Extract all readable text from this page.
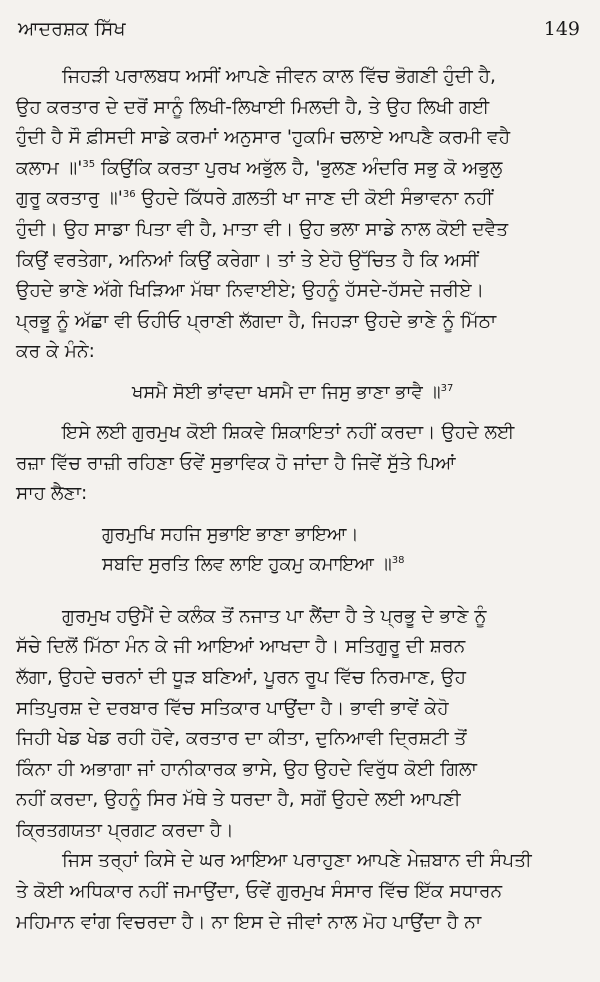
ਆਦਰਸ਼ਕ ਸਿੱਖ	149

ਜਿਹੜੀ ਪਰਾਲਬਧ ਅਸੀਂ ਆਪਣੇ ਜੀਵਨ ਕਾਲ ਵਿੱਚ ਭੋਗਣੀ ਹੁੰਦੀ ਹੈ,
ਉਹ ਕਰਤਾਰ ਦੇ ਦਰੋਂ ਸਾਨੂੰ ਲਿਖੀ-ਲਿਖਾਈ ਮਿਲਦੀ ਹੈ, ਤੇ ਉਹ ਲਿਖੀ ਗਈ
ਹੁੰਦੀ ਹੈ ਸੌ ਫ਼ੀਸਦੀ ਸਾਡੇ ਕਰਮਾਂ ਅਨੁਸਾਰ 'ਹੁਕਮਿ ਚਲਾਏ ਆਪਣੈ ਕਰਮੀ ਵਹੈ
ਕਲਾਮ $॥'^{35}$ ਕਿਉਂਕਿ ਕਰਤਾ ਪੁਰਖ ਅਭੁੱਲ ਹੈ, 'ਭੁਲਣ ਅੰਦਰਿ ਸਭੁ ਕੋ ਅਭੁਲੁ
ਗੁਰੂ ਕਰਤਾਰੁ $॥'^{36}$ ਉਹਦੇ ਕਿੱਧਰੇ ਗ਼ਲਤੀ ਖਾ ਜਾਣ ਦੀ ਕੋਈ ਸੰਭਾਵਨਾ ਨਹੀਂ
ਹੁੰਦੀ। ਉਹ ਸਾਡਾ ਪਿਤਾ ਵੀ ਹੈ, ਮਾਤਾ ਵੀ। ਉਹ ਭਲਾ ਸਾਡੇ ਨਾਲ ਕੋਈ ਦਵੈਤ
ਕਿਉਂ ਵਰਤੇਗਾ, ਅਨਿਆਂ ਕਿਉਂ ਕਰੇਗਾ। ਤਾਂ ਤੇ ਏਹੋ ਉੱਚਿਤ ਹੈ ਕਿ ਅਸੀਂ
ਉਹਦੇ ਭਾਣੇ ਅੱਗੇ ਖਿੜਿਆ ਮੱਥਾ ਨਿਵਾਈਏ; ਉਹਨੂੰ ਹੱਸਦੇ-ਹੱਸਦੇ ਜਰੀਏ।
ਪ੍ਰਭੂ ਨੂੰ ਅੱਛਾ ਵੀ ਓਹੀਓ ਪ੍ਰਾਣੀ ਲੱਗਦਾ ਹੈ, ਜਿਹੜਾ ਉਹਦੇ ਭਾਣੇ ਨੂੰ ਮਿੱਠਾ
ਕਰ ਕੇ ਮੰਨੇ:

ਖਸਮੈ ਸੋਈ ਭਾਂਵਦਾ ਖਸਮੈ ਦਾ ਜਿਸੁ ਭਾਣਾ ਭਾਵੈ ॥$^{37}$

ਇਸੇ ਲਈ ਗੁਰਮੁਖ ਕੋਈ ਸ਼ਿਕਵੇ ਸ਼ਿਕਾਇਤਾਂ ਨਹੀਂ ਕਰਦਾ। ਉਹਦੇ ਲਈ
ਰਜ਼ਾ ਵਿੱਚ ਰਾਜ਼ੀ ਰਹਿਣਾ ਓਵੇਂ ਸੁਭਾਵਿਕ ਹੋ ਜਾਂਦਾ ਹੈ ਜਿਵੇਂ ਸੁੱਤੇ ਪਿਆਂ
ਸਾਹ ਲੈਣਾ:

ਗੁਰਮੁਖਿ ਸਹਜਿ ਸੁਭਾਇ ਭਾਣਾ ਭਾਇਆ।
ਸਬਦਿ ਸੁਰਤਿ ਲਿਵ ਲਾਇ ਹੁਕਮੁ ਕਮਾਇਆ ॥$^{38}$

ਗੁਰਮੁਖ ਹਉਮੈਂ ਦੇ ਕਲੰਕ ਤੋਂ ਨਜਾਤ ਪਾ ਲੈਂਦਾ ਹੈ ਤੇ ਪ੍ਰਭੂ ਦੇ ਭਾਣੇ ਨੂੰ
ਸੱਚੇ ਦਿਲੋਂ ਮਿੱਠਾ ਮੰਨ ਕੇ ਜੀ ਆਇਆਂ ਆਖਦਾ ਹੈ। ਸਤਿਗੁਰੂ ਦੀ ਸ਼ਰਨ
ਲੱਗਾ, ਉਹਦੇ ਚਰਨਾਂ ਦੀ ਧੂੜ ਬਣਿਆਂ, ਪੂਰਨ ਰੂਪ ਵਿੱਚ ਨਿਰਮਾਣ, ਉਹ
ਸਤਿਪੁਰਸ਼ ਦੇ ਦਰਬਾਰ ਵਿੱਚ ਸਤਿਕਾਰ ਪਾਉਂਦਾ ਹੈ। ਭਾਵੀ ਭਾਵੇਂ ਕੇਹੋ
ਜਿਹੀ ਖੇਡ ਖੇਡ ਰਹੀ ਹੋਵੇ, ਕਰਤਾਰ ਦਾ ਕੀਤਾ, ਦੁਨਿਆਵੀ ਦ੍ਰਿਸ਼ਟੀ ਤੋਂ
ਕਿੰਨਾ ਹੀ ਅਭਾਗਾ ਜਾਂ ਹਾਨੀਕਾਰਕ ਭਾਸੇ, ਉਹ ਉਹਦੇ ਵਿਰੁੱਧ ਕੋਈ ਗਿਲਾ
ਨਹੀਂ ਕਰਦਾ, ਉਹਨੂੰ ਸਿਰ ਮੱਥੇ ਤੇ ਧਰਦਾ ਹੈ, ਸਗੋਂ ਉਹਦੇ ਲਈ ਆਪਣੀ
ਕ੍ਰਿਤਗਯਤਾ ਪ੍ਰਗਟ ਕਰਦਾ ਹੈ।

ਜਿਸ ਤਰ੍ਹਾਂ ਕਿਸੇ ਦੇ ਘਰ ਆਇਆ ਪਰਾਹੁਣਾ ਆਪਣੇ ਮੇਜ਼ਬਾਨ ਦੀ ਸੰਪਤੀ
ਤੇ ਕੋਈ ਅਧਿਕਾਰ ਨਹੀਂ ਜਮਾਉਂਦਾ, ਓਵੇਂ ਗੁਰਮੁਖ ਸੰਸਾਰ ਵਿੱਚ ਇੱਕ ਸਧਾਰਨ
ਮਹਿਮਾਨ ਵਾਂਗ ਵਿਚਰਦਾ ਹੈ। ਨਾ ਇਸ ਦੇ ਜੀਵਾਂ ਨਾਲ ਮੋਹ ਪਾਉਂਦਾ ਹੈ ਨਾ
